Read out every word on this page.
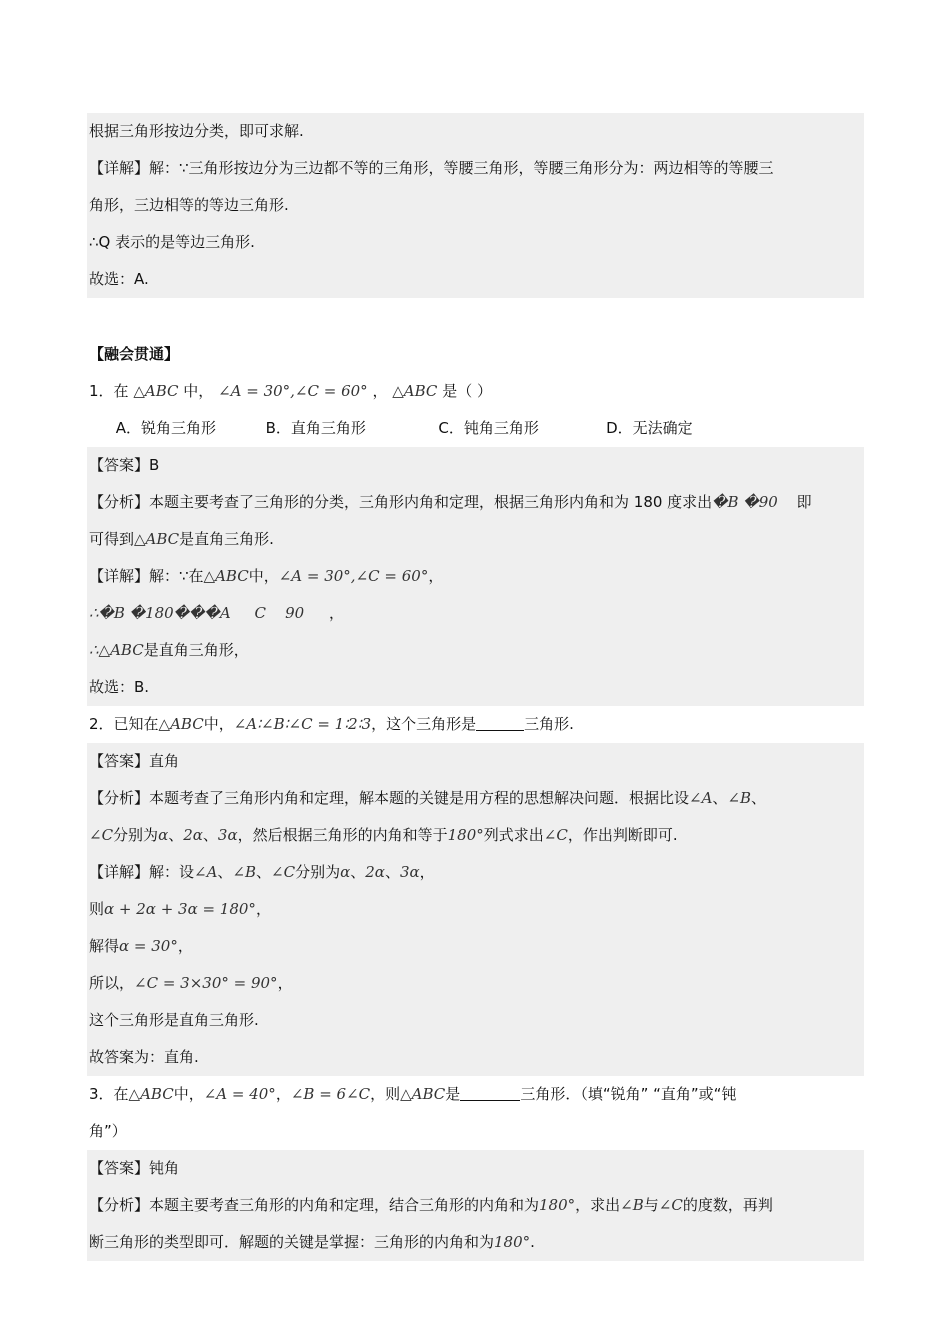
根据三角形按边分类，即可求解.
【详解】解：∵三角形按边分为三边都不等的三角形，等腰三角形，等腰三角形分为：两边相等的等腰三
角形，三边相等的等边三角形.
∴Q 表示的是等边三角形.
故选：A.
【融会贯通】
1．在 △ABC 中， ∠A = 30°,∠C = 60° ， △ABC 是（ ）
A．锐角三角形	B．直角三角形	C．钝角三角形	D．无法确定
【答案】B
【分析】本题主要考查了三角形的分类，三角形内角和定理，根据三角形内角和为 180 度求出�B �90 即
可得到△ABC是直角三角形.
【详解】解：∵在△ABC中，∠A = 30°,∠C = 60°，
∴�B �180���A     C    90 ，
∴△ABC是直角三角形，
故选：B.
2．已知在△ABC中，∠A∶∠B∶∠C = 1∶2∶3，这个三角形是	三角形.
【答案】直角
【分析】本题考查了三角形内角和定理，解本题的关键是用方程的思想解决问题．根据比设∠A、∠B、
∠C分别为α、2α、3α，然后根据三角形的内角和等于180°列式求出∠C，作出判断即可.
【详解】解：设∠A、∠B、∠C分别为α、2α、3α，
则α + 2α + 3α = 180°，
解得α = 30°，
所以，∠C = 3×30° = 90°，
这个三角形是直角三角形.
故答案为：直角.
3．在△ABC中，∠A = 40°，∠B = 6∠C，则△ABC是	三角形．（填“锐角” “直角”或“钝
角”）
【答案】钝角
【分析】本题主要考查三角形的内角和定理，结合三角形的内角和为180°，求出∠B与∠C的度数，再判
断三角形的类型即可．解题的关键是掌握：三角形的内角和为180°.
